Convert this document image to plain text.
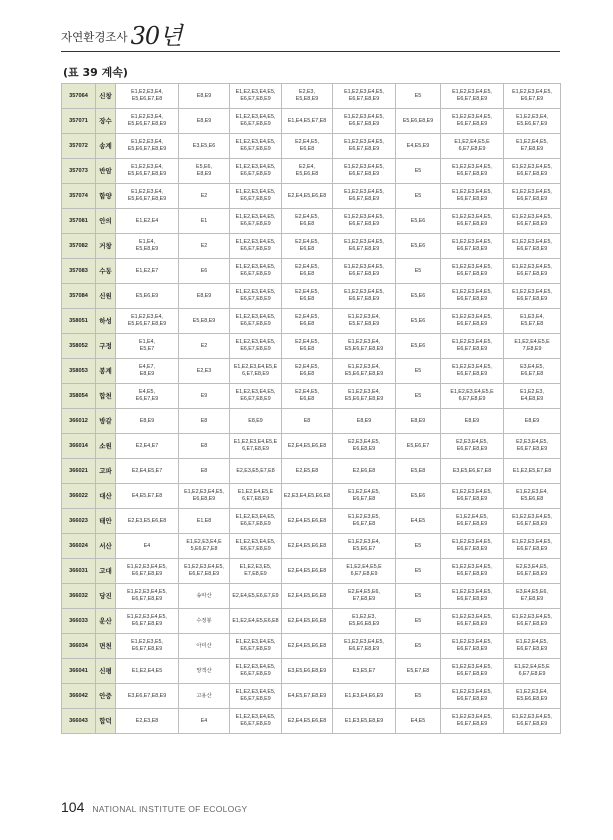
자연환경조사 30년
(표 39 계속)
357064	신창	E1,E2,E3,E4,
E5,E6,E7,E8	E8,E9	E1,E2,E3,E4,E5,
E6,E7,E8,E9	E2,E3,
E5,E8,E9	E1,E2,E3,E4,E5,
E6,E7,E8,E9	E5	E1,E2,E3,E4,E5,
E6,E7,E8,E9	E1,E2,E3,E4,E5,
E6,E7,E9
357071	장수	E1,E2,E3,E4,
E5,E6,E7,E8,E9	E8,E9	E1,E2,E3,E4,E5,
E6,E7,E8,E9	E1,E4,E5,E7,E8	E1,E2,E3,E4,E5,
E6,E7,E8,E9	E5,E6,E8,E9	E1,E2,E3,E4,E5,
E6,E7,E8,E9	E1,E2,E3,E4,
E5,E6,E7,E9
357072	송계	E1,E2,E3,E4,
E5,E6,E7,E8,E9	E3,E5,E6	E1,E2,E3,E4,E5,
E6,E7,E8,E9	E2,E4,E5,
E6,E8	E1,E2,E3,E4,E5,
E6,E7,E8,E9	E4,E5,E9	E1,E2,E4,E5,E
6,E7,E8,E9	E1,E2,E4,E5,
E7,E8,E9
357073	반암	E1,E2,E3,E4,
E5,E6,E7,E8,E9	E5,E6,
E8,E9	E1,E2,E3,E4,E5,
E6,E7,E8,E9	E2,E4,
E5,E6,E8	E1,E2,E3,E4,E5,
E6,E7,E8,E9	E5	E1,E2,E3,E4,E5,
E6,E7,E8,E9	E1,E2,E3,E4,E5,
E6,E7,E8,E9
357074	함양	E1,E2,E3,E4,
E5,E6,E7,E8,E9	E2	E1,E2,E3,E4,E5,
E6,E7,E8,E9	E2,E4,E5,E6,E8	E1,E2,E3,E4,E5,
E6,E7,E8,E9	E5	E1,E2,E3,E4,E5,
E6,E7,E8,E9	E1,E2,E3,E4,E5,
E6,E7,E8,E9
357081	안의	E1,E2,E4	E1	E1,E2,E3,E4,E5,
E6,E7,E8,E9	E2,E4,E5,
E6,E8	E1,E2,E3,E4,E5,
E6,E7,E8,E9	E5,E6	E1,E2,E3,E4,E5,
E6,E7,E8,E9	E1,E2,E3,E4,E5,
E6,E7,E8,E9
357082	거창	E1,E4,
E5,E8,E9	E2	E1,E2,E3,E4,E5,
E6,E7,E8,E9	E2,E4,E5,
E6,E8	E1,E2,E3,E4,E5,
E6,E7,E8,E9	E5,E6	E1,E2,E3,E4,E5,
E6,E7,E8,E9	E1,E2,E3,E4,E5,
E6,E7,E8,E9
357083	수동	E1,E2,E7	E6	E1,E2,E3,E4,E5,
E6,E7,E8,E9	E2,E4,E5,
E6,E8	E1,E2,E3,E4,E5,
E6,E7,E8,E9	E5	E1,E2,E3,E4,E5,
E6,E7,E8,E9	E1,E2,E3,E4,E5,
E6,E7,E8,E9
357084	신원	E5,E6,E9	E8,E9	E1,E2,E3,E4,E5,
E6,E7,E8,E9	E2,E4,E5,
E6,E8	E1,E2,E3,E4,E5,
E6,E7,E8,E9	E5,E6	E1,E2,E3,E4,E5,
E6,E7,E8,E9	E1,E2,E3,E4,E5,
E6,E7,E8,E9
358051	하성	E1,E2,E3,E4,
E5,E6,E7,E8,E9	E5,E8,E9	E1,E2,E3,E4,E5,
E6,E7,E8,E9	E2,E4,E5,
E6,E8	E1,E2,E3,E4,
E5,E7,E8,E9	E5,E6	E1,E2,E3,E4,E5,
E6,E7,E8,E9	E1,E3,E4,
E5,E7,E8
358052	구정	E1,E4,
E5,E7	E2	E1,E2,E3,E4,E5,
E6,E7,E8,E9	E2,E4,E5,
E6,E8	E1,E2,E3,E4,
E5,E6,E7,E8,E9	E5,E6	E1,E2,E3,E4,E5,
E6,E7,E8,E9	E1,E2,E4,E5,E
7,E8,E9
358053	봉계	E4,E7,
E8,E9	E2,E3	E1,E2,E3,E4,E5,E
6,E7,E8,E9	E2,E4,E5,
E6,E8	E1,E2,E3,E4,
E5,E6,E7,E8,E9	E5	E1,E2,E3,E4,E5,
E6,E7,E8,E9	E3,E4,E5,
E6,E7,E8
358054	합천	E4,E5,
E6,E7,E9	E9	E1,E2,E3,E4,E5,
E6,E7,E8,E9	E2,E4,E5,
E6,E8	E1,E2,E3,E4,
E5,E6,E7,E8,E9	E5	E1,E2,E3,E4,E5,E
6,E7,E8,E9	E1,E2,E3,
E4,E8,E9
366012	방갈	E8,E9	E8	E8,E9	E8	E8,E9	E8,E9	E8,E9	E8,E9
366014	소원	E2,E4,E7	E8	E1,E2,E3,E4,E5,E
6,E7,E8,E9	E2,E4,E5,E6,E8	E2,E3,E4,E5,
E6,E8,E9	E5,E6,E7	E2,E3,E4,E5,
E6,E7,E8,E9	E2,E3,E4,E5,
E6,E7,E8,E9
366021	고파	E2,E4,E5,E7	E8	E2,E3,E5,E7,E8	E2,E5,E8	E2,E6,E8	E5,E8	E3,E5,E6,E7,E8	E1,E2,E5,E7,E8
366022	대산	E4,E5,E7,E8	E1,E2,E3,E4,E5,
E6,E8,E9	E1,E2,E4,E5,E
6,E7,E8,E9	E2,E3,E4,E5,E6,E8	E1,E2,E4,E5,
E6,E7,E8	E5,E6	E1,E2,E3,E4,E5,
E6,E7,E8,E9	E1,E2,E3,E4,
E5,E6,E8
366023	태안	E2,E3,E5,E6,E8	E1,E8	E1,E2,E3,E4,E5,
E6,E7,E8,E9	E2,E4,E5,E6,E8	E1,E2,E3,E5,
E6,E7,E8	E4,E5	E1,E2,E4,E5,
E6,E7,E8,E9	E1,E2,E3,E4,E5,
E6,E7,E8,E9
366024	서산	E4	E1,E2,E3,E4,E
5,E6,E7,E8	E1,E2,E3,E4,E5,
E6,E7,E8,E9	E2,E4,E5,E6,E8	E1,E2,E3,E4,
E5,E6,E7	E5	E1,E2,E3,E4,E5,
E6,E7,E8,E9	E1,E2,E3,E4,E5,
E6,E7,E8,E9
366031	고대	E1,E2,E3,E4,E5,
E6,E7,E8,E9	E1,E2,E3,E4,E5,
E6,E7,E8,E9	E1,E2,E3,E5,
E7,E8,E9	E2,E4,E5,E6,E8	E1,E2,E4,E5,E
6,E7,E8,E9	E5	E1,E2,E3,E4,E5,
E6,E7,E8,E9	E2,E3,E4,E5,
E6,E7,E8,E9
366032	당진	E1,E2,E3,E4,E5,
E6,E7,E8,E9	송악산	E2,E4,E5,E6,E7,E9	E2,E4,E5,E6,E8	E2,E4,E5,E6,
E7,E8,E9	E5	E1,E2,E3,E4,E5,
E6,E7,E8,E9	E3,E4,E5,E6,
E7,E8,E9
366033	운산	E1,E2,E3,E4,E5,
E6,E7,E8,E9	수정봉	E1,E2,E4,E5,E6,E8	E2,E4,E5,E6,E8	E1,E2,E3,
E5,E6,E8,E9	E5	E1,E2,E3,E4,E5,
E6,E7,E8,E9	E1,E2,E3,E4,E5,
E6,E7,E8,E9
366034	면천	E1,E2,E3,E5,
E6,E7,E8,E9	아미산	E1,E2,E3,E4,E5,
E6,E7,E8,E9	E2,E4,E5,E6,E8	E1,E2,E3,E4,E5,
E6,E7,E8,E9	E5	E1,E2,E3,E4,E5,
E6,E7,E8,E9	E1,E2,E4,E5,
E6,E7,E8,E9
366041	신평	E1,E2,E4,E5	망객산	E1,E2,E3,E4,E5,
E6,E7,E8,E9	E3,E5,E6,E8,E9	E3,E5,E7	E5,E7,E8	E1,E2,E3,E4,E5,
E6,E7,E8,E9	E1,E2,E4,E5,E
6,E7,E8,E9
366042	안중	E3,E6,E7,E8,E9	고용산	E1,E2,E3,E4,E5,
E6,E7,E8,E9	E4,E5,E7,E8,E9	E1,E3,E4,E6,E9	E5	E1,E2,E3,E4,E5,
E6,E7,E8,E9	E1,E2,E3,E4,
E5,E6,E8,E9
366043	합덕	E2,E3,E8	E4	E1,E2,E3,E4,E5,
E6,E7,E8,E9	E2,E4,E5,E6,E8	E1,E3,E5,E8,E9	E4,E5	E1,E2,E3,E4,E5,
E6,E7,E8,E9	E1,E2,E3,E4,E5,
E6,E7,E8,E9
104 NATIONAL INSTITUTE OF ECOLOGY
